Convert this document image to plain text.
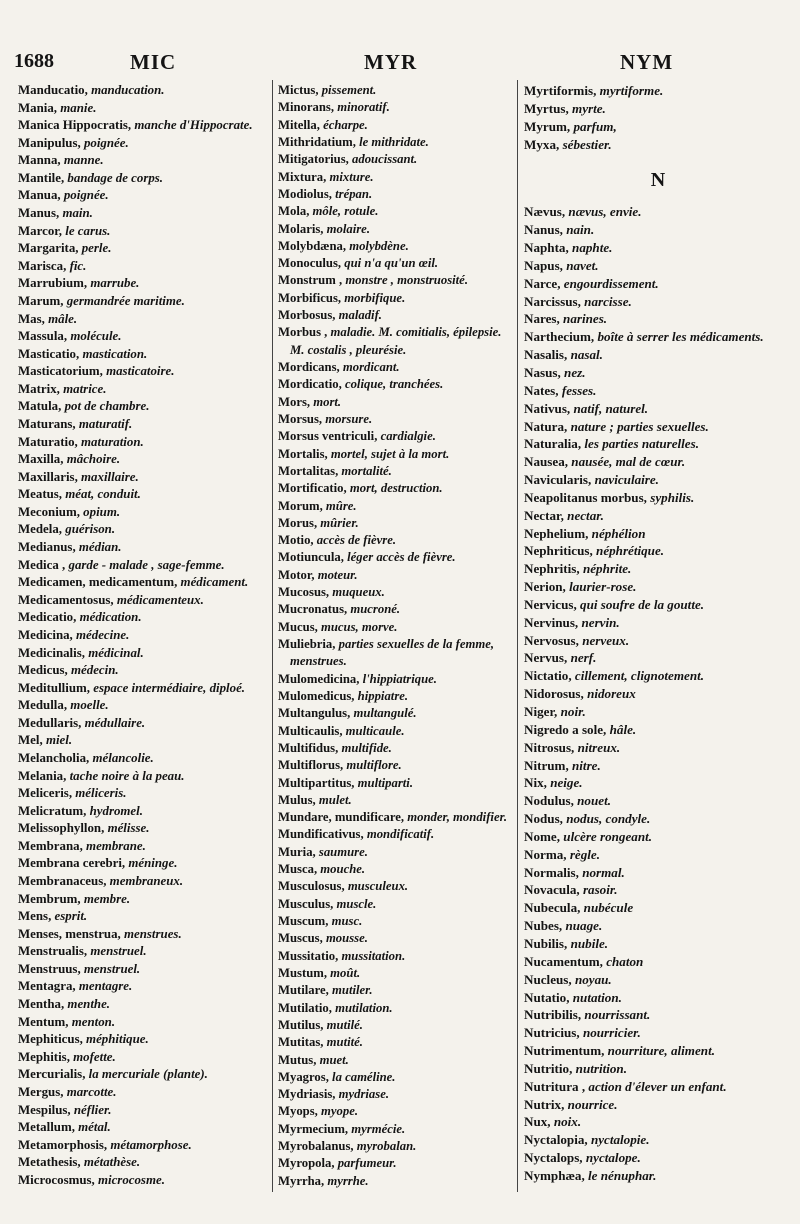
1688	MIC	MYR	NYM

Manducatio, manducation.

Mania, manie.

Manica Hippocratis, manche d'Hippocrate.

Manipulus, poignée.

Manna, manne.

Mantile, bandage de corps.

Manua, poignée.

Manus, main.

Marcor, le carus.

Margarita, perle.

Marisca, fic.

Marrubium, marrube.

Marum, germandrée maritime.

Mas, mâle.

Massula, molécule.

Masticatio, mastication.

Masticatorium, masticatoire.

Matrix, matrice.

Matula, pot de chambre.

Maturans, maturatif.

Maturatio, maturation.

Maxilla, mâchoire.

Maxillaris, maxillaire.

Meatus, méat, conduit.

Meconium, opium.

Medela, guérison.

Medianus, médian.

Medica , garde - malade , sage-femme.

Medicamen, medicamentum, médicament.

Medicamentosus, médicamenteux.

Medicatio, médication.

Medicina, médecine.

Medicinalis, médicinal.

Medicus, médecin.

Meditullium, espace intermédiaire, diploé.

Medulla, moelle.

Medullaris, médullaire.

Mel, miel.

Melancholia, mélancolie.

Melania, tache noire à la peau.

Meliceris, méliceris.

Melicratum, hydromel.

Melissophyllon, mélisse.

Membrana, membrane.

Membrana cerebri, méninge.

Membranaceus, membraneux.

Membrum, membre.

Mens, esprit.

Menses, menstrua, menstrues.

Menstrualis, menstruel.

Menstruus, menstruel.

Mentagra, mentagre.

Mentha, menthe.

Mentum, menton.

Mephiticus, méphitique.

Mephitis, mofette.

Mercurialis, la mercuriale (plante).

Mergus, marcotte.

Mespilus, néflier.

Metallum, métal.

Metamorphosis, métamorphose.

Metathesis, métathèse.

Microcosmus, microcosme.

Mictus, pissement.

Minorans, minoratif.

Mitella, écharpe.

Mithridatium, le mithridate.

Mitigatorius, adoucissant.

Mixtura, mixture.

Modiolus, trépan.

Mola, môle, rotule.

Molaris, molaire.

Molybdæna, molybdène.

Monoculus, qui n'a qu'un œil.

Monstrum , monstre , monstruosité.

Morbificus, morbifique.

Morbosus, maladif.

Morbus , maladie. M. comitialis, épilepsie. M. costalis , pleurésie.

Mordicans, mordicant.

Mordicatio, colique, tranchées.

Mors, mort.

Morsus, morsure.

Morsus ventriculi, cardialgie.

Mortalis, mortel, sujet à la mort.

Mortalitas, mortalité.

Mortificatio, mort, destruction.

Morum, mûre.

Morus, mûrier.

Motio, accès de fièvre.

Motiuncula, léger accès de fièvre.

Motor, moteur.

Mucosus, muqueux.

Mucronatus, mucroné.

Mucus, mucus, morve.

Muliebria, parties sexuelles de la femme, menstrues.

Mulomedicina, l'hippiatrique.

Mulomedicus, hippiatre.

Multangulus, multangulé.

Multicaulis, multicaule.

Multifidus, multifide.

Multiflorus, multiflore.

Multipartitus, multiparti.

Mulus, mulet.

Mundare, mundificare, monder, mondifier.

Mundificativus, mondificatif.

Muria, saumure.

Musca, mouche.

Musculosus, musculeux.

Musculus, muscle.

Muscum, musc.

Muscus, mousse.

Mussitatio, mussitation.

Mustum, moût.

Mutilare, mutiler.

Mutilatio, mutilation.

Mutilus, mutilé.

Mutitas, mutité.

Mutus, muet.

Myagros, la caméline.

Mydriasis, mydriase.

Myops, myope.

Myrmecium, myrmécie.

Myrobalanus, myrobalan.

Myropola, parfumeur.

Myrrha, myrrhe.

Myrtiformis, myrtiforme.

Myrtus, myrte.

Myrum, parfum,

Myxa, sébestier.

N

Nævus, nævus, envie.

Nanus, nain.

Naphta, naphte.

Napus, navet.

Narce, engourdissement.

Narcissus, narcisse.

Nares, narines.

Narthecium, boîte à serrer les médicaments.

Nasalis, nasal.

Nasus, nez.

Nates, fesses.

Nativus, natif, naturel.

Natura, nature ; parties sexuelles.

Naturalia, les parties naturelles.

Nausea, nausée, mal de cœur.

Navicularis, naviculaire.

Neapolitanus morbus, syphilis.

Nectar, nectar.

Nephelium, néphélion

Nephriticus, néphrétique.

Nephritis, néphrite.

Nerion, laurier-rose.

Nervicus, qui soufre de la goutte.

Nervinus, nervin.

Nervosus, nerveux.

Nervus, nerf.

Nictatio, cillement, clignotement.

Nidorosus, nidoreux

Niger, noir.

Nigredo a sole, hâle.

Nitrosus, nitreux.

Nitrum, nitre.

Nix, neige.

Nodulus, nouet.

Nodus, nodus, condyle.

Nome, ulcère rongeant.

Norma, règle.

Normalis, normal.

Novacula, rasoir.

Nubecula, nubécule

Nubes, nuage.

Nubilis, nubile.

Nucamentum, chaton

Nucleus, noyau.

Nutatio, nutation.

Nutribilis, nourrissant.

Nutricius, nourricier.

Nutrimentum, nourriture, aliment.

Nutritio, nutrition.

Nutritura , action d'élever un enfant.

Nutrix, nourrice.

Nux, noix.

Nyctalopia, nyctalopie.

Nyctalops, nyctalope.

Nymphæa, le nénuphar.
